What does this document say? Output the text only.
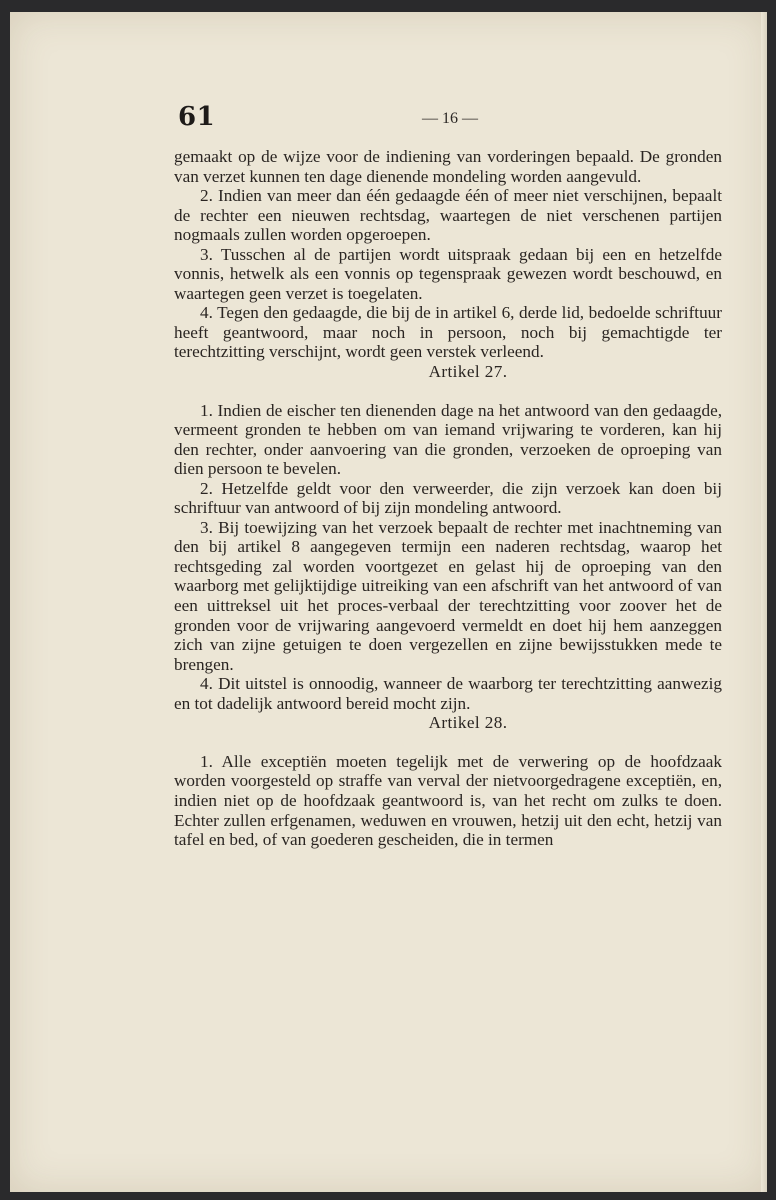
61	— 16 —

gemaakt op de wijze voor de indiening van vorderingen bepaald. De gronden van verzet kunnen ten dage dienende mondeling worden aangevuld.

2. Indien van meer dan één gedaagde één of meer niet verschijnen, bepaalt de rechter een nieuwen rechtsdag, waartegen de niet verschenen partijen nogmaals zullen worden opgeroepen.

3. Tusschen al de partijen wordt uitspraak gedaan bij een en hetzelfde vonnis, hetwelk als een vonnis op tegenspraak gewezen wordt beschouwd, en waartegen geen verzet is toegelaten.

4. Tegen den gedaagde, die bij de in artikel 6, derde lid, bedoelde schriftuur heeft geantwoord, maar noch in persoon, noch bij gemachtigde ter terechtzitting verschijnt, wordt geen verstek verleend.

Artikel 27.

1. Indien de eischer ten dienenden dage na het antwoord van den gedaagde, vermeent gronden te hebben om van iemand vrijwaring te vorderen, kan hij den rechter, onder aanvoering van die gronden, verzoeken de oproeping van dien persoon te bevelen.

2. Hetzelfde geldt voor den verweerder, die zijn verzoek kan doen bij schriftuur van antwoord of bij zijn mondeling antwoord.

3. Bij toewijzing van het verzoek bepaalt de rechter met inachtneming van den bij artikel 8 aangegeven termijn een naderen rechtsdag, waarop het rechtsgeding zal worden voortgezet en gelast hij de oproeping van den waarborg met gelijktijdige uitreiking van een afschrift van het antwoord of van een uittreksel uit het proces-verbaal der terechtzitting voor zoover het de gronden voor de vrijwaring aangevoerd vermeldt en doet hij hem aanzeggen zich van zijne getuigen te doen vergezellen en zijne bewijsstukken mede te brengen.

4. Dit uitstel is onnoodig, wanneer de waarborg ter terechtzitting aanwezig en tot dadelijk antwoord bereid mocht zijn.

Artikel 28.

1. Alle exceptiën moeten tegelijk met de verwering op de hoofdzaak worden voorgesteld op straffe van verval der nietvoorgedragene exceptiën, en, indien niet op de hoofdzaak geantwoord is, van het recht om zulks te doen. Echter zullen erfgenamen, weduwen en vrouwen, hetzij uit den echt, hetzij van tafel en bed, of van goederen gescheiden, die in termen
